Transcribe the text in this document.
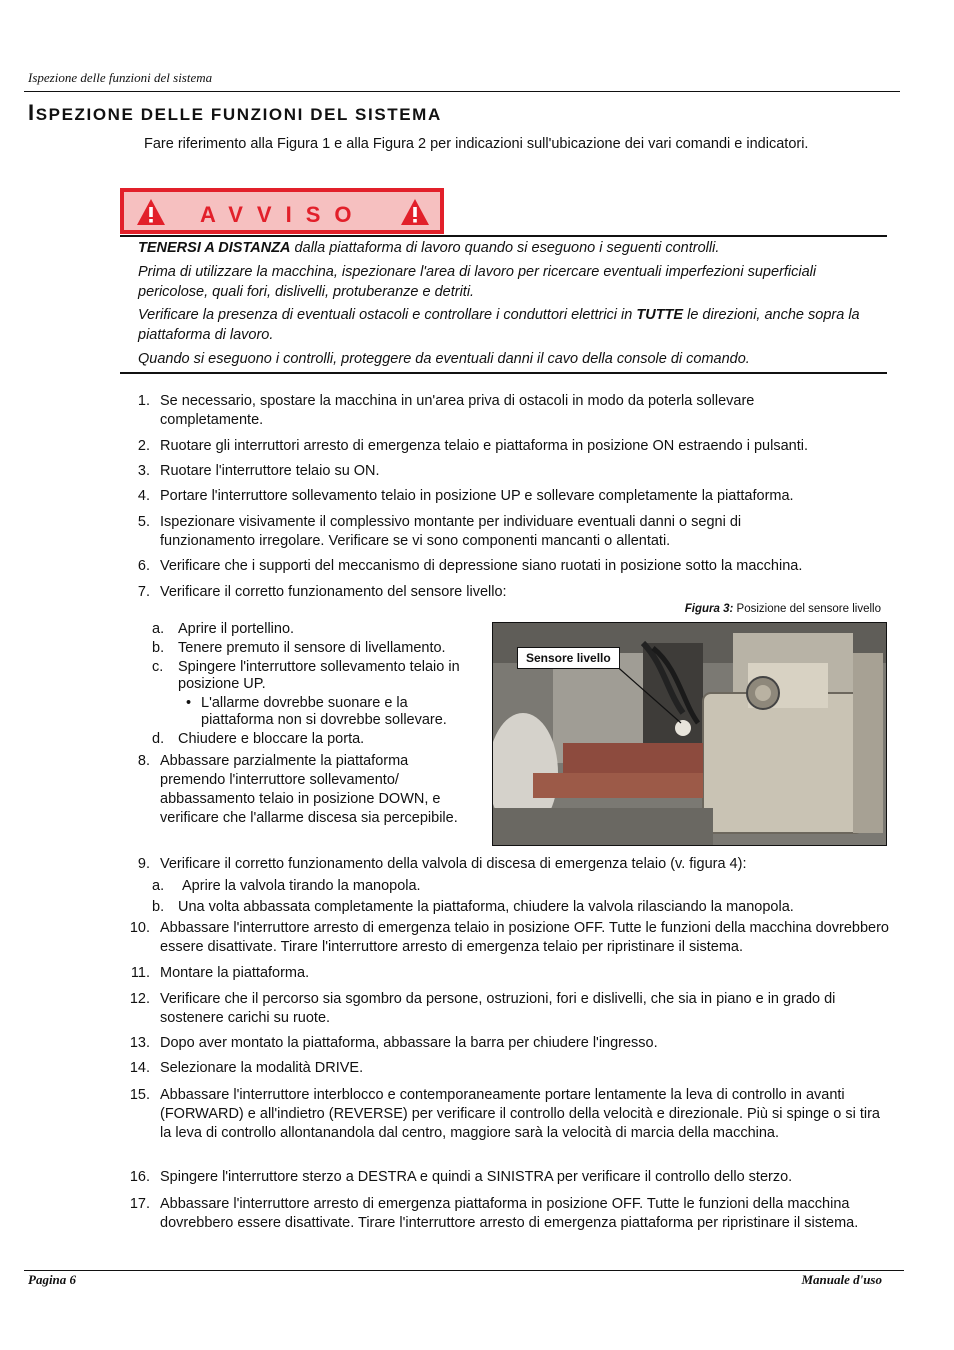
Ispezione delle funzioni del sistema
ISPEZIONE DELLE FUNZIONI DEL SISTEMA
Fare riferimento alla Figura 1 e alla Figura 2 per indicazioni sull'ubicazione dei vari comandi e indicatori.
AVVISO
TENERSI A DISTANZA dalla piattaforma di lavoro quando si eseguono i seguenti controlli.
Prima di utilizzare la macchina, ispezionare l'area di lavoro per ricercare eventuali imperfezioni superficiali pericolose, quali fori, dislivelli, protuberanze e detriti.
Verificare la presenza di eventuali ostacoli e controllare i conduttori elettrici in TUTTE le direzioni, anche sopra la piattaforma di lavoro.
Quando si eseguono i controlli, proteggere da eventuali danni il cavo della console di comando.
1. Se necessario, spostare la macchina in un'area priva di ostacoli in modo da poterla sollevare completamente.
2. Ruotare gli interruttori arresto di emergenza telaio e piattaforma in posizione ON estraendo i pulsanti.
3. Ruotare l'interruttore telaio su ON.
4. Portare l'interruttore sollevamento telaio in posizione UP e sollevare completamente la piattaforma.
5. Ispezionare visivamente il complessivo montante per individuare eventuali danni o segni di funzionamento irregolare. Verificare se vi sono componenti mancanti o allentati.
6. Verificare che i supporti del meccanismo di depressione siano ruotati in posizione sotto la macchina.
7. Verificare il corretto funzionamento del sensore livello:
a. Aprire il portellino.
b. Tenere premuto il sensore di livellamento.
c. Spingere l'interruttore sollevamento telaio in posizione UP.
• L'allarme dovrebbe suonare e la piattaforma non si dovrebbe sollevare.
d. Chiudere e bloccare la porta.
8. Abbassare parzialmente la piattaforma premendo l'interruttore sollevamento/ abbassamento telaio in posizione DOWN, e verificare che l'allarme discesa sia percepibile.
Figura 3: Posizione del sensore livello
Sensore livello
9. Verificare il corretto funzionamento della valvola di discesa di emergenza telaio (v. figura 4):
a. Aprire la valvola tirando la manopola.
b. Una volta abbassata completamente la piattaforma, chiudere la valvola rilasciando la manopola.
10. Abbassare l'interruttore arresto di emergenza telaio in posizione OFF. Tutte le funzioni della macchina dovrebbero essere disattivate. Tirare l'interruttore arresto di emergenza telaio per ripristinare il sistema.
11. Montare la piattaforma.
12. Verificare che il percorso sia sgombro da persone, ostruzioni, fori e dislivelli, che sia in piano e in grado di sostenere carichi su ruote.
13. Dopo aver montato la piattaforma, abbassare la barra per chiudere l'ingresso.
14. Selezionare la modalità DRIVE.
15. Abbassare l'interruttore interblocco e contemporaneamente portare lentamente la leva di controllo in avanti (FORWARD) e all'indietro (REVERSE) per verificare il controllo della velocità e direzionale. Più si spinge o si tira la leva di controllo allontanandola dal centro, maggiore sarà la velocità di marcia della macchina.
16. Spingere l'interruttore sterzo a DESTRA e quindi a SINISTRA per verificare il controllo dello sterzo.
17. Abbassare l'interruttore arresto di emergenza piattaforma in posizione OFF. Tutte le funzioni della macchina dovrebbero essere disattivate. Tirare l'interruttore arresto di emergenza piattaforma per ripristinare il sistema.
Pagina 6	Manuale d'uso
